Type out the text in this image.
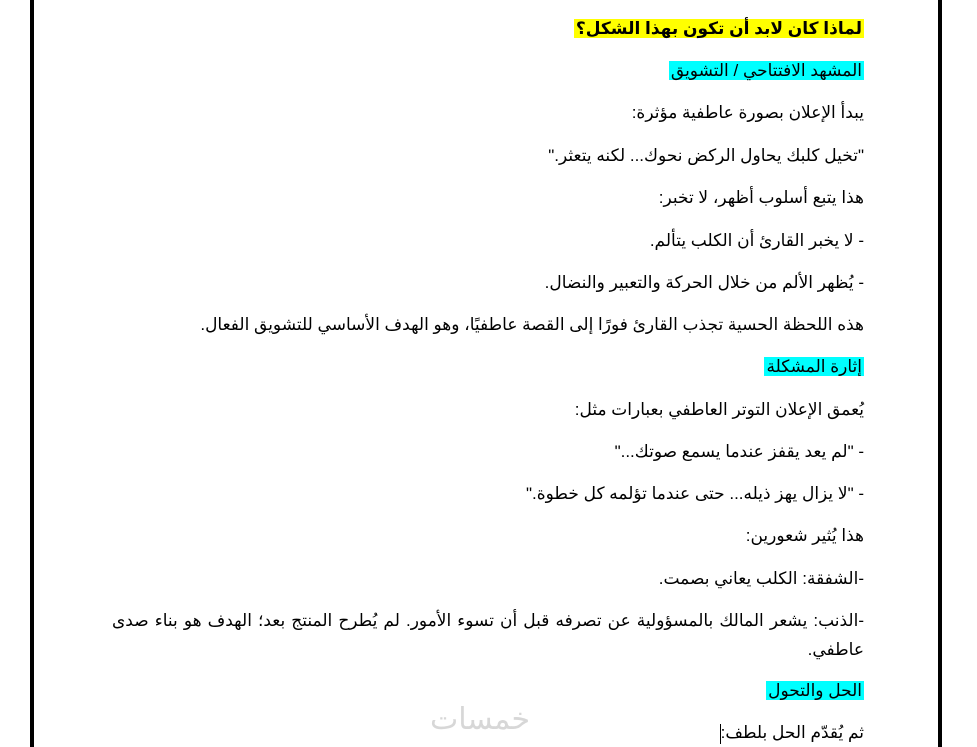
لماذا كان لابد أن تكون بهذا الشكل؟
المشهد الافتتاحي / التشويق
يبدأ الإعلان بصورة عاطفية مؤثرة:
"تخيل كلبك يحاول الركض نحوك... لكنه يتعثر."
هذا يتبع أسلوب أظهر، لا تخبر:
- لا يخبر القارئ أن الكلب يتألم.
- يُظهر الألم من خلال الحركة والتعبير والنضال.
هذه اللحظة الحسية تجذب القارئ فورًا إلى القصة عاطفيًا، وهو الهدف الأساسي للتشويق الفعال.
إثارة المشكلة
يُعمق الإعلان التوتر العاطفي بعبارات مثل:
- "لم يعد يقفز عندما يسمع صوتك..."
- "لا يزال يهز ذيله... حتى عندما تؤلمه كل خطوة."
هذا يُثير شعورين:
-الشفقة: الكلب يعاني بصمت.
-الذنب: يشعر المالك بالمسؤولية عن تصرفه قبل أن تسوء الأمور. لم يُطرح المنتج بعد؛ الهدف هو بناء صدى عاطفي.
الحل والتحول
ثم يُقدّم الحل بلطف:
خمسات
